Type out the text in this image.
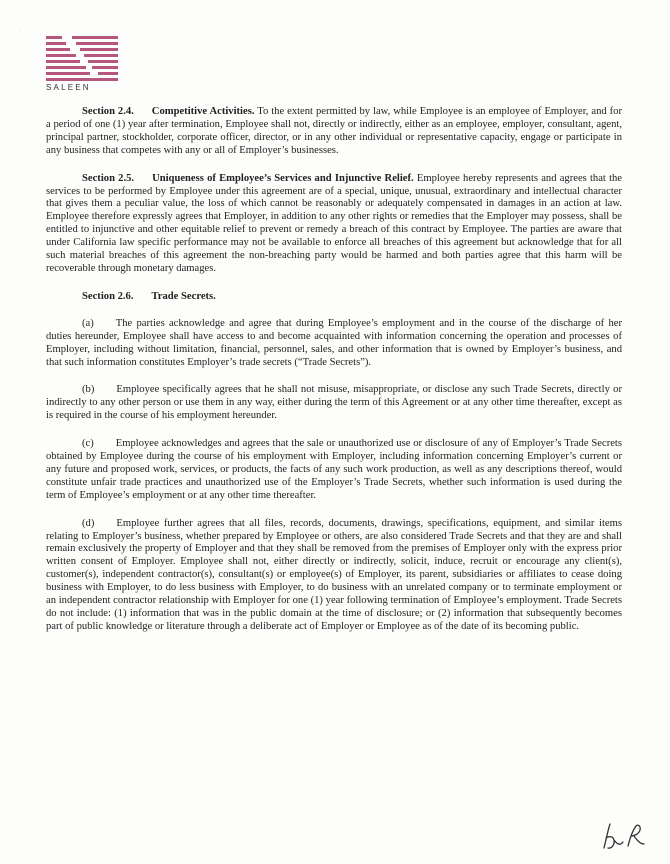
·
SALEEN

Section 2.4. Competitive Activities. To the extent permitted by law, while Employee is an employee of Employer, and for a period of one (1) year after termination, Employee shall not, directly or indirectly, either as an employee, employer, consultant, agent, principal partner, stockholder, corporate officer, director, or in any other individual or representative capacity, engage or participate in any business that competes with any or all of Employer’s businesses.

Section 2.5. Uniqueness of Employee’s Services and Injunctive Relief. Employee hereby represents and agrees that the services to be performed by Employee under this agreement are of a special, unique, unusual, extraordinary and intellectual character that gives them a peculiar value, the loss of which cannot be reasonably or adequately compensated in damages in an action at law. Employee therefore expressly agrees that Employer, in addition to any other rights or remedies that the Employer may possess, shall be entitled to injunctive and other equitable relief to prevent or remedy a breach of this contract by Employee. The parties are aware that under California law specific performance may not be available to enforce all breaches of this agreement but acknowledge that for all such material breaches of this agreement the non-breaching party would be harmed and both parties agree that this harm will be recoverable through monetary damages.

Section 2.6. Trade Secrets.

(a) The parties acknowledge and agree that during Employee’s employment and in the course of the discharge of her duties hereunder, Employee shall have access to and become acquainted with information concerning the operation and processes of Employer, including without limitation, financial, personnel, sales, and other information that is owned by Employer’s business, and that such information constitutes Employer’s trade secrets (“Trade Secrets”).

(b) Employee specifically agrees that he shall not misuse, misappropriate, or disclose any such Trade Secrets, directly or indirectly to any other person or use them in any way, either during the term of this Agreement or at any other time thereafter, except as is required in the course of his employment hereunder.

(c) Employee acknowledges and agrees that the sale or unauthorized use or disclosure of any of Employer’s Trade Secrets obtained by Employee during the course of his employment with Employer, including information concerning Employer’s current or any future and proposed work, services, or products, the facts of any such work production, as well as any descriptions thereof, would constitute unfair trade practices and unauthorized use of the Employer’s Trade Secrets, whether such information is used during the term of Employee’s employment or at any other time thereafter.

(d) Employee further agrees that all files, records, documents, drawings, specifications, equipment, and similar items relating to Employer’s business, whether prepared by Employee or others, are also considered Trade Secrets and that they are and shall remain exclusively the property of Employer and that they shall be removed from the premises of Employer only with the express prior written consent of Employer. Employee shall not, either directly or indirectly, solicit, induce, recruit or encourage any client(s), customer(s), independent contractor(s), consultant(s) or employee(s) of Employer, its parent, subsidiaries or affiliates to cease doing business with Employer, to do less business with Employer, to do business with an unrelated company or to terminate employment or an independent contractor relationship with Employer for one (1) year following termination of Employee’s employment. Trade Secrets do not include: (1) information that was in the public domain at the time of disclosure; or (2) information that subsequently becomes part of public knowledge or literature through a deliberate act of Employer or Employee as of the date of its becoming public.
